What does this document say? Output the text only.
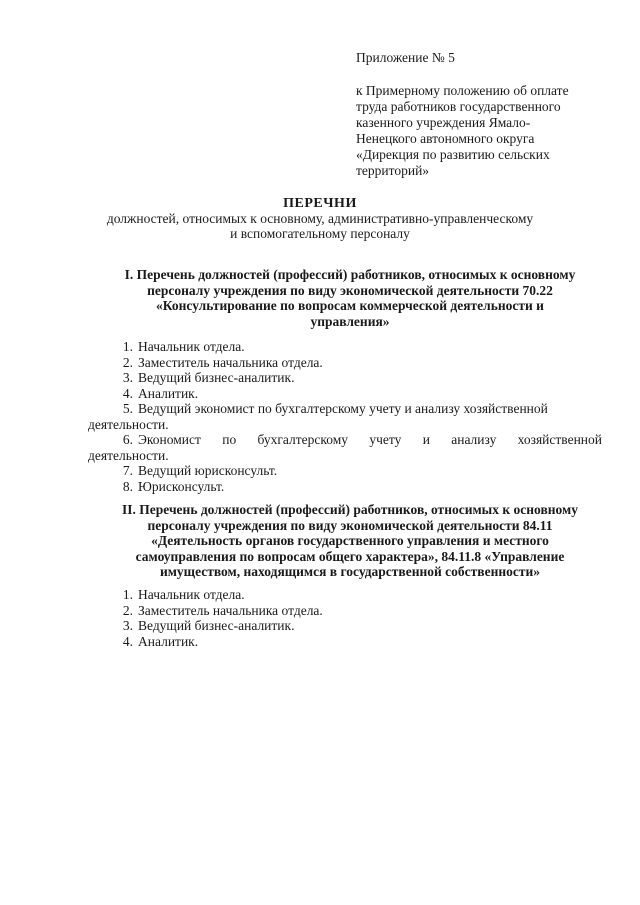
Приложение № 5
к Примерному положению об оплате
труда работников государственного
казенного учреждения Ямало-
Ненецкого автономного округа
«Дирекция по развитию сельских
территорий»
ПЕРЕЧНИ
должностей, относимых к основному, административно-управленческому
и вспомогательному персоналу
I. Перечень должностей (профессий) работников, относимых к основному
персоналу учреждения по виду экономической деятельности 70.22
«Консультирование по вопросам коммерческой деятельности и
управления»
1. Начальник отдела.
2. Заместитель начальника отдела.
3. Ведущий бизнес-аналитик.
4. Аналитик.
5. Ведущий экономист по бухгалтерскому учету и анализу хозяйственной
деятельности.
6. Экономист по бухгалтерскому учету и анализу хозяйственной
деятельности.
7. Ведущий юрисконсульт.
8. Юрисконсульт.
II. Перечень должностей (профессий) работников, относимых к основному
персоналу учреждения по виду экономической деятельности 84.11
«Деятельность органов государственного управления и местного
самоуправления по вопросам общего характера», 84.11.8 «Управление
имуществом, находящимся в государственной собственности»
1. Начальник отдела.
2. Заместитель начальника отдела.
3. Ведущий бизнес-аналитик.
4. Аналитик.
